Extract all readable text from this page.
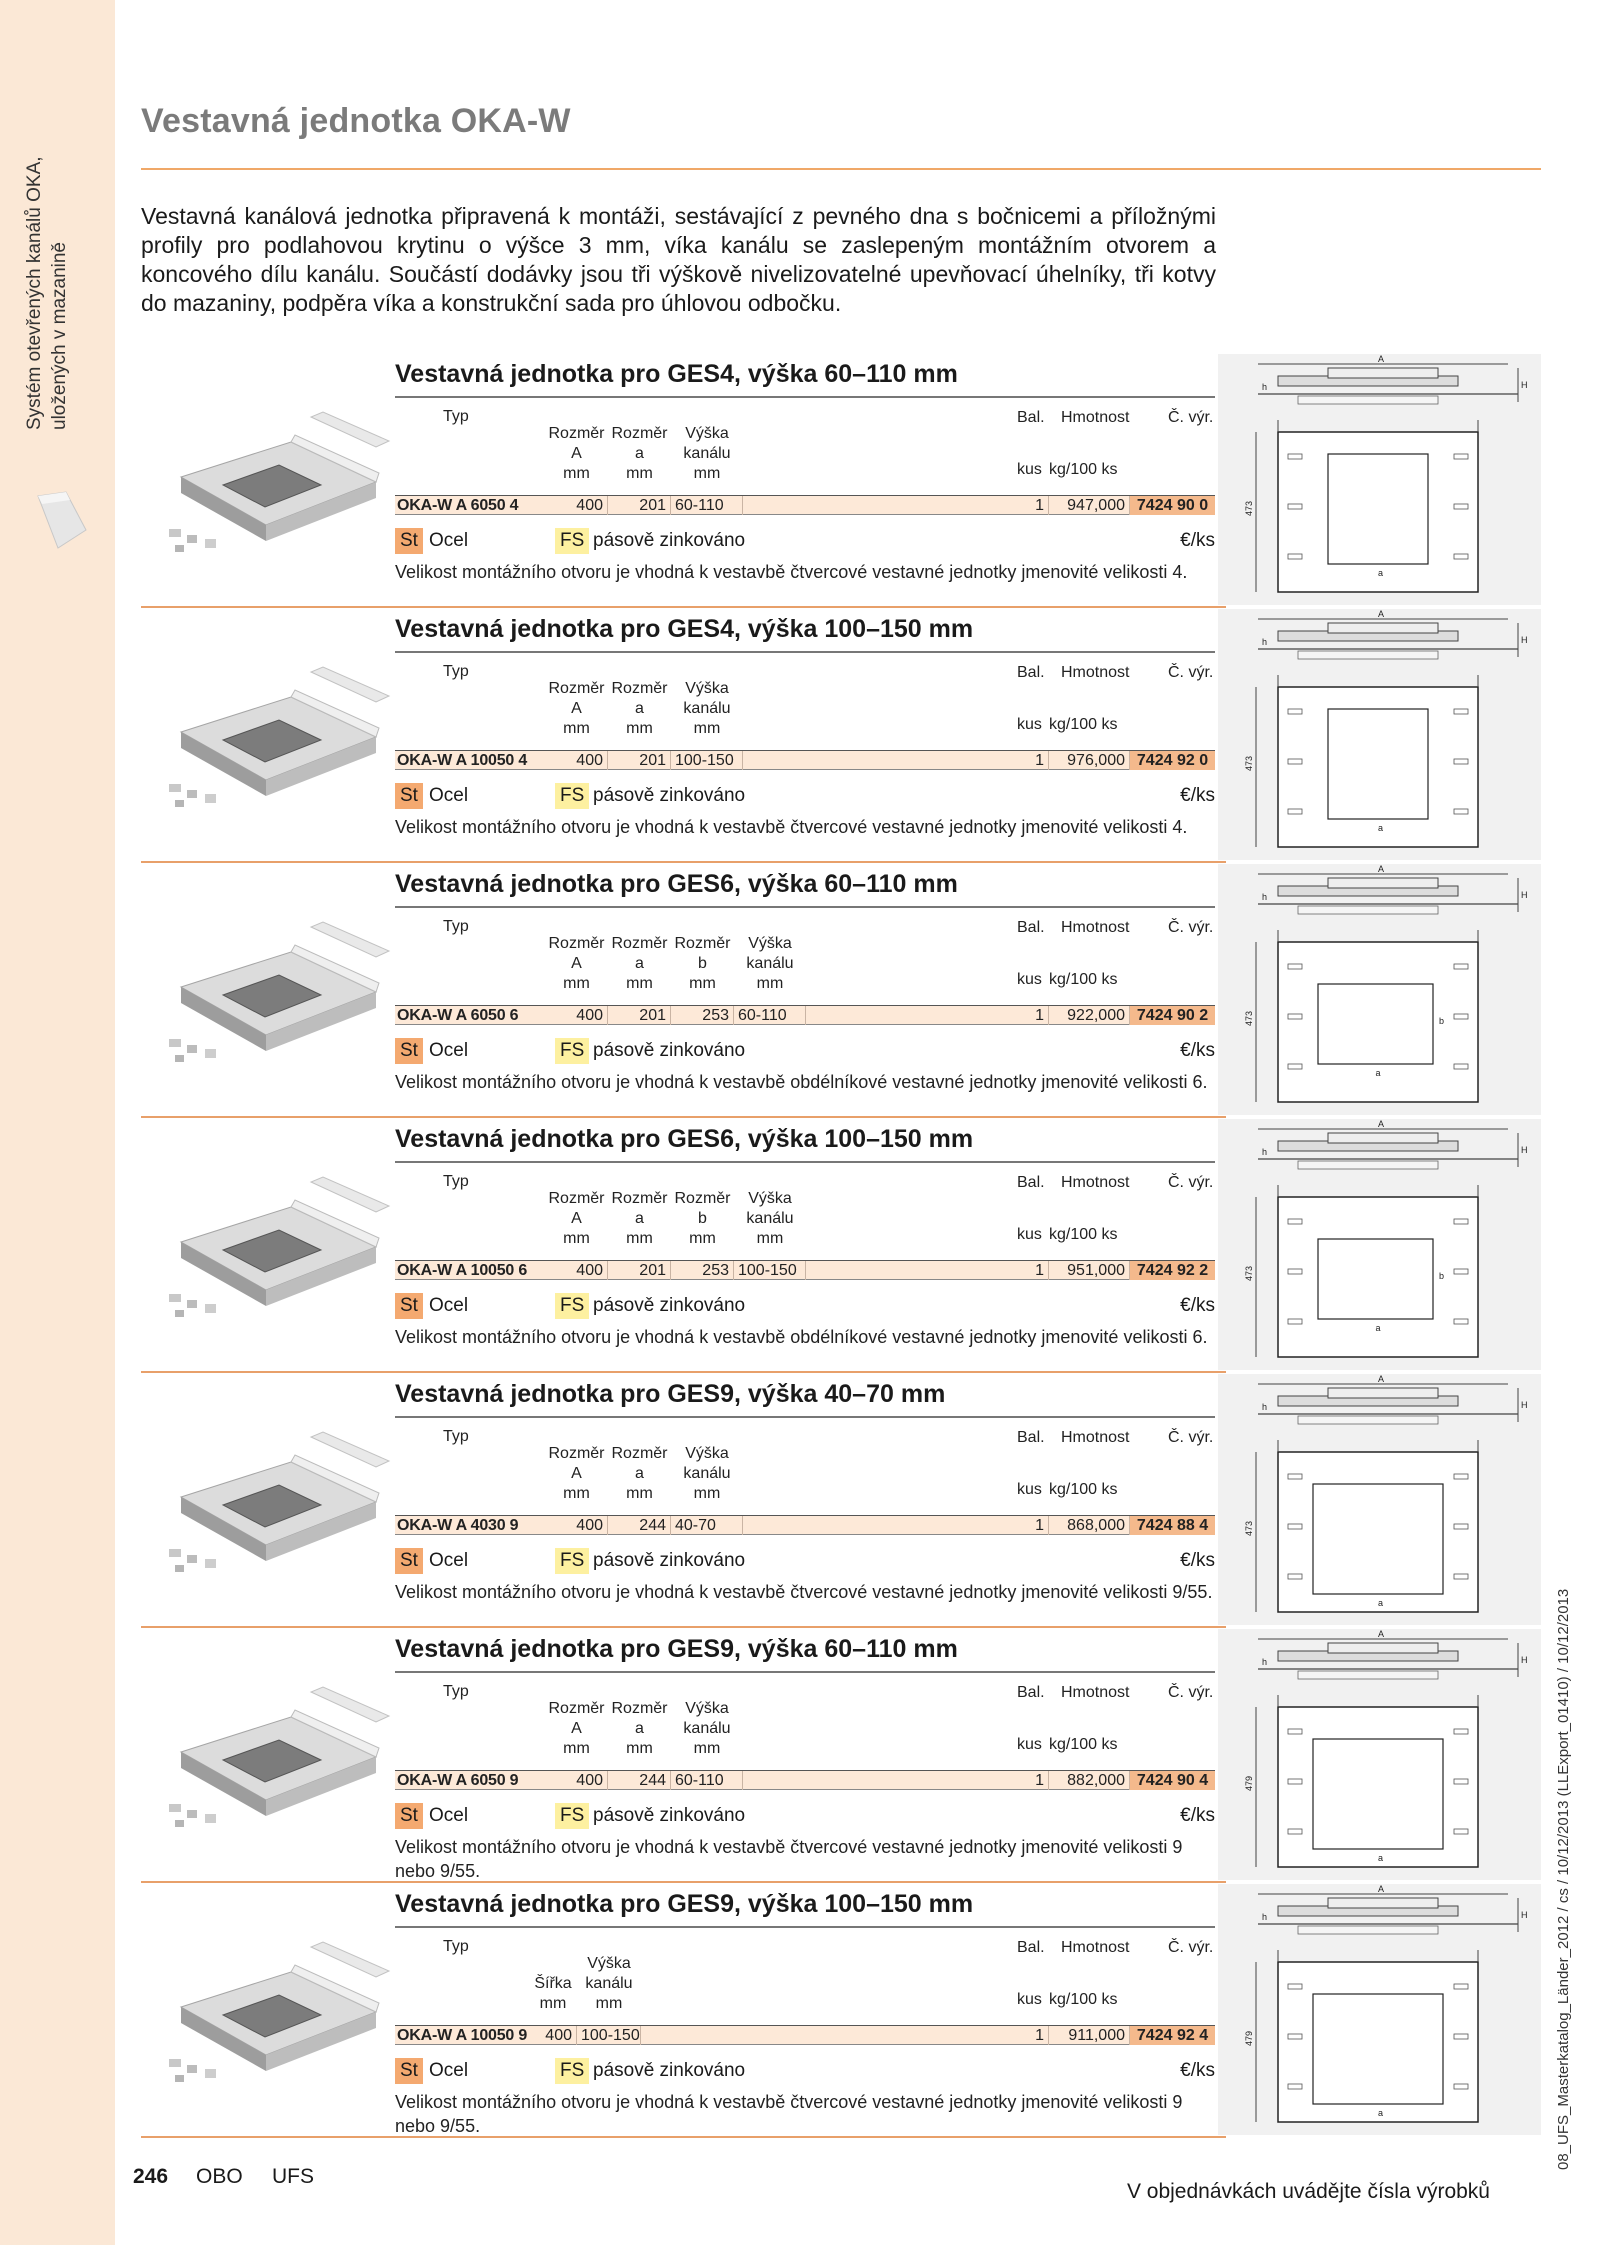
Systém otevřených kanálů OKA, uložených v mazanině
Vestavná jednotka OKA-W
Vestavná kanálová jednotka připravená k montáži, sestávající z pevného dna s bočnicemi a příložnými profily pro podlahovou krytinu o výšce 3 mm, víka kanálu se zaslepeným montážním otvorem a koncového dílu kanálu. Součástí dodávky jsou tři výškově nivelizovatelné upevňovací úhelníky, tři kotvy do mazaniny, podpěra víka a konstrukční sada pro úhlovou odbočku.
Vestavná jednotka pro GES4, výška 60–110 mm
Typ
Rozměr
A
mm
Rozměr
a
mm
Výška
kanálu
mm
Bal. Hmotnost Č. výr.
kus kg/100 ks
OKA-W A 6050 4	400	201 60-110	1	947,000 7424 90 0
St Ocel	FS pásově zinkováno	€/ks
Velikost montážního otvoru je vhodná k vestavbě čtvercové vestavné jednotky jmenovité velikosti 4.
A
H
h
473
a
Vestavná jednotka pro GES4, výška 100–150 mm
Typ
Rozměr
A
mm
Rozměr
a
mm
Výška
kanálu
mm
Bal. Hmotnost Č. výr.
kus kg/100 ks
OKA-W A 10050 4	400	201 100-150	1	976,000 7424 92 0
St Ocel	FS pásově zinkováno	€/ks
Velikost montážního otvoru je vhodná k vestavbě čtvercové vestavné jednotky jmenovité velikosti 4.
A
H
h
473
a
Vestavná jednotka pro GES6, výška 60–110 mm
Typ
Rozměr
A
mm
Rozměr
a
mm
Rozměr
b
mm
Výška
kanálu
mm
Bal. Hmotnost Č. výr.
kus kg/100 ks
OKA-W A 6050 6	400	201	253 60-110	1	922,000 7424 90 2
St Ocel	FS pásově zinkováno	€/ks
Velikost montážního otvoru je vhodná k vestavbě obdélníkové vestavné jednotky jmenovité velikosti 6.
A
H
h
473
a
b
Vestavná jednotka pro GES6, výška 100–150 mm
Typ
Rozměr
A
mm
Rozměr
a
mm
Rozměr
b
mm
Výška
kanálu
mm
Bal. Hmotnost Č. výr.
kus kg/100 ks
OKA-W A 10050 6	400	201	253 100-150	1	951,000 7424 92 2
St Ocel	FS pásově zinkováno	€/ks
Velikost montážního otvoru je vhodná k vestavbě obdélníkové vestavné jednotky jmenovité velikosti 6.
A
H
h
473
a
b
Vestavná jednotka pro GES9, výška 40–70 mm
Typ
Rozměr
A
mm
Rozměr
a
mm
Výška
kanálu
mm
Bal. Hmotnost Č. výr.
kus kg/100 ks
OKA-W A 4030 9	400	244 40-70	1	868,000 7424 88 4
St Ocel	FS pásově zinkováno	€/ks
Velikost montážního otvoru je vhodná k vestavbě čtvercové vestavné jednotky jmenovité velikosti 9/55.
A
H
h
473
a
Vestavná jednotka pro GES9, výška 60–110 mm
Typ
Rozměr
A
mm
Rozměr
a
mm
Výška
kanálu
mm
Bal. Hmotnost Č. výr.
kus kg/100 ks
OKA-W A 6050 9	400	244 60-110	1	882,000 7424 90 4
St Ocel	FS pásově zinkováno	€/ks
Velikost montážního otvoru je vhodná k vestavbě čtvercové vestavné jednotky jmenovité velikosti 9 nebo 9/55.
A
H
h
479
a
Vestavná jednotka pro GES9, výška 100–150 mm
Typ
Šířka
mm
Výška
kanálu
mm
Bal. Hmotnost Č. výr.
kus kg/100 ks
OKA-W A 10050 9	400 100-150	1	911,000 7424 92 4
St Ocel	FS pásově zinkováno	€/ks
Velikost montážního otvoru je vhodná k vestavbě čtvercové vestavné jednotky jmenovité velikosti 9 nebo 9/55.
A
H
h
479
a
246 OBO UFS
V objednávkách uvádějte čísla výrobků
08_UFS_Masterkatalog_Länder_2012 / cs / 10/12/2013 (LLExport_01410) / 10/12/2013
